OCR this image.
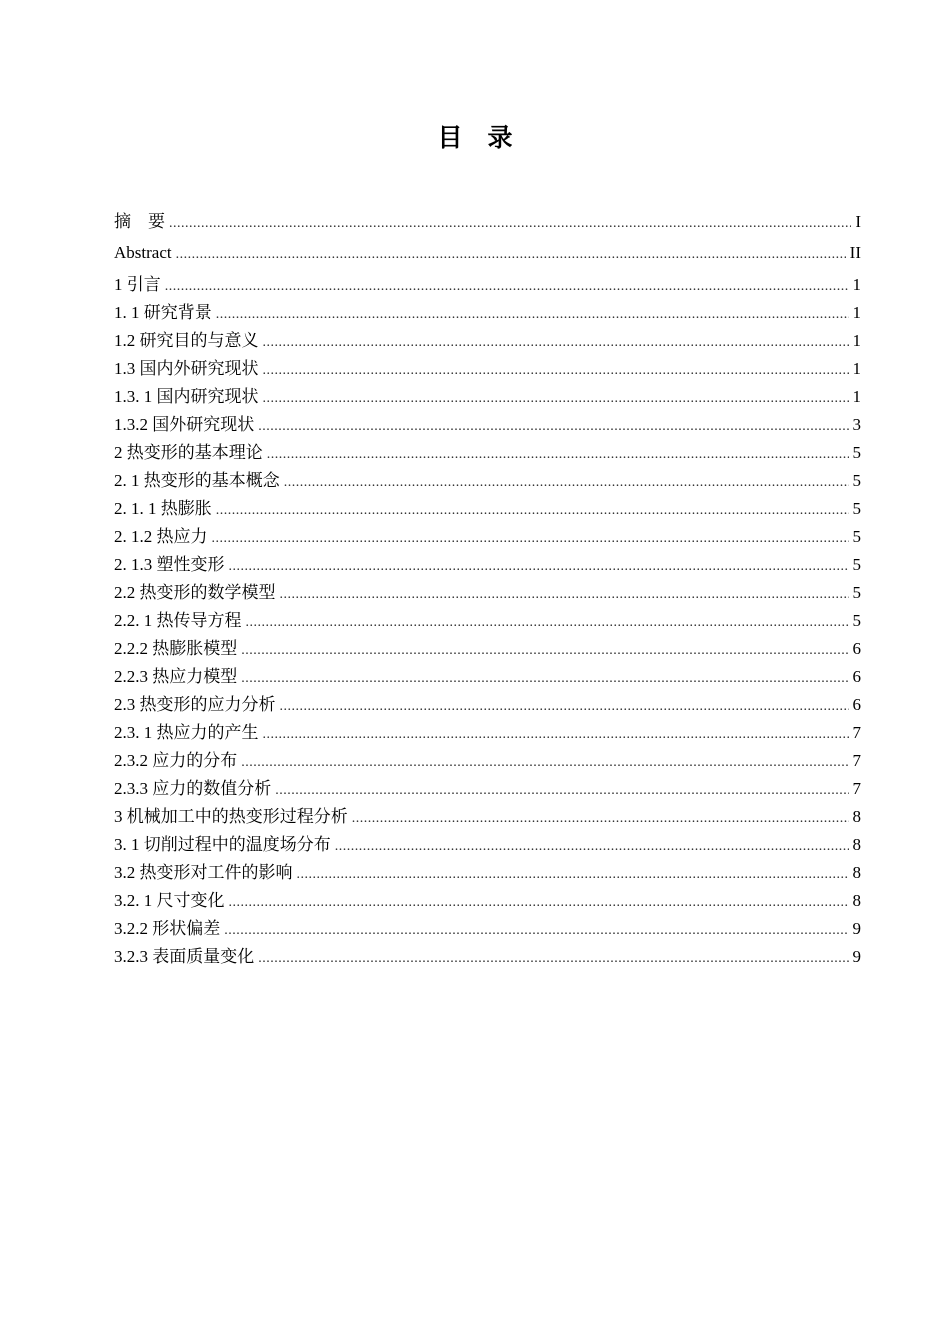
目　录
摘　要 .....	I
Abstract .....	II
1 引言 .....	1
1. 1 研究背景 .....	1
1.2 研究目的与意义 .....	1
1.3 国内外研究现状 .....	1
1.3. 1 国内研究现状 .....	1
1.3.2 国外研究现状 .....	3
2 热变形的基本理论 .....	5
2. 1 热变形的基本概念 .....	5
2. 1. 1 热膨胀 .....	5
2. 1.2 热应力 .....	5
2. 1.3 塑性变形 .....	5
2.2 热变形的数学模型 .....	5
2.2. 1 热传导方程 .....	5
2.2.2 热膨胀模型 .....	6
2.2.3 热应力模型 .....	6
2.3 热变形的应力分析 .....	6
2.3. 1 热应力的产生 .....	7
2.3.2 应力的分布 .....	7
2.3.3 应力的数值分析 .....	7
3 机械加工中的热变形过程分析 .....	8
3. 1 切削过程中的温度场分布 .....	8
3.2 热变形对工件的影响 .....	8
3.2. 1 尺寸变化 .....	8
3.2.2 形状偏差 .....	9
3.2.3 表面质量变化 .....	9
